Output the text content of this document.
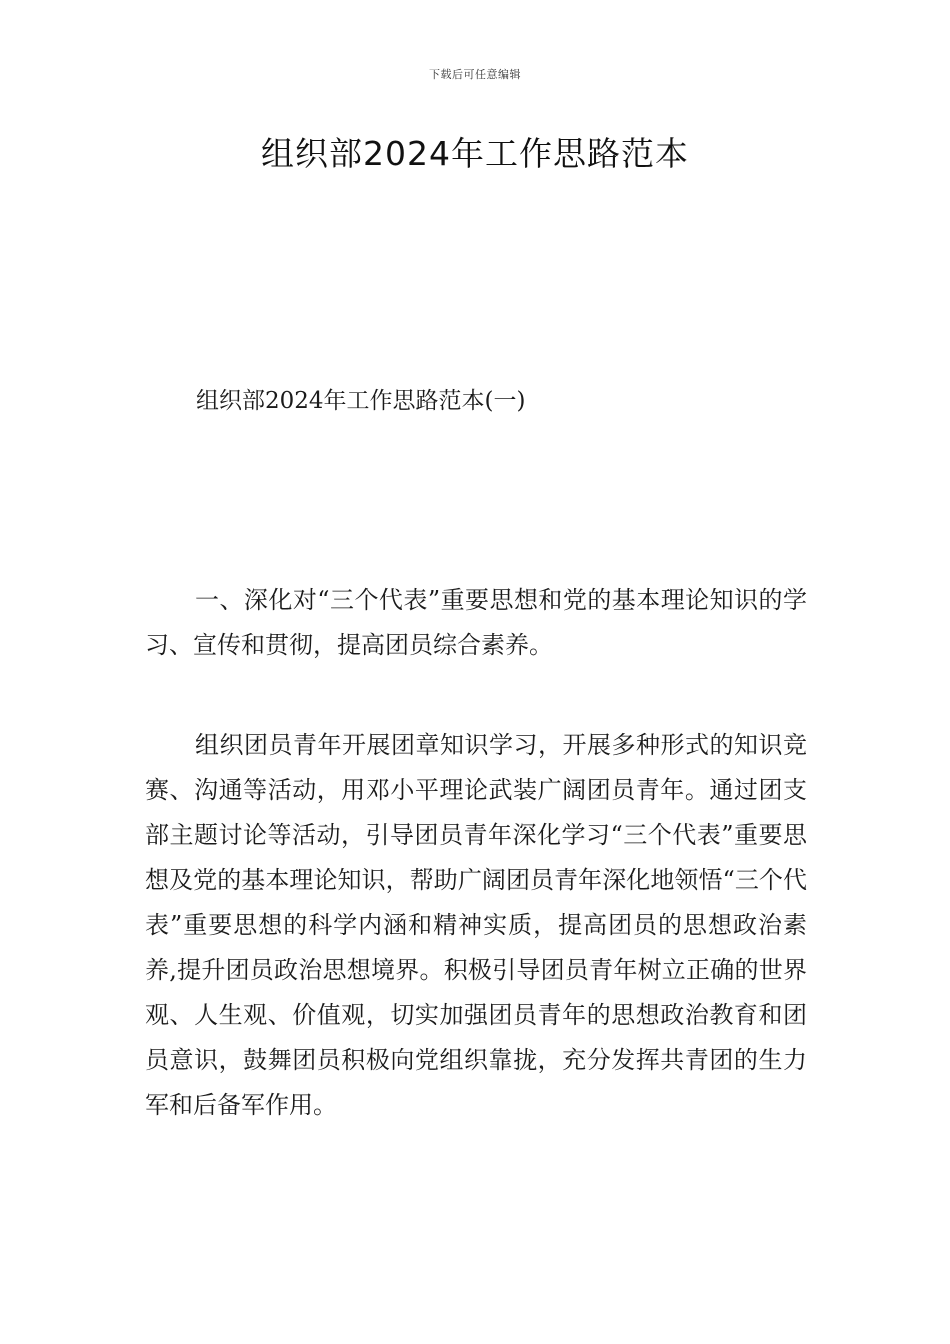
下载后可任意编辑
组织部2024年工作思路范本

组织部2024年工作思路范本(一)

一、深化对“三个代表”重要思想和党的基本理论知识的学习、宣传和贯彻，提高团员综合素养。

组织团员青年开展团章知识学习，开展多种形式的知识竞赛、沟通等活动，用邓小平理论武装广阔团员青年。通过团支部主题讨论等活动，引导团员青年深化学习“三个代表”重要思想及党的基本理论知识，帮助广阔团员青年深化地领悟“三个代表”重要思想的科学内涵和精神实质，提高团员的思想政治素养,提升团员政治思想境界。积极引导团员青年树立正确的世界观、人生观、价值观，切实加强团员青年的思想政治教育和团员意识，鼓舞团员积极向党组织靠拢，充分发挥共青团的生力军和后备军作用。
